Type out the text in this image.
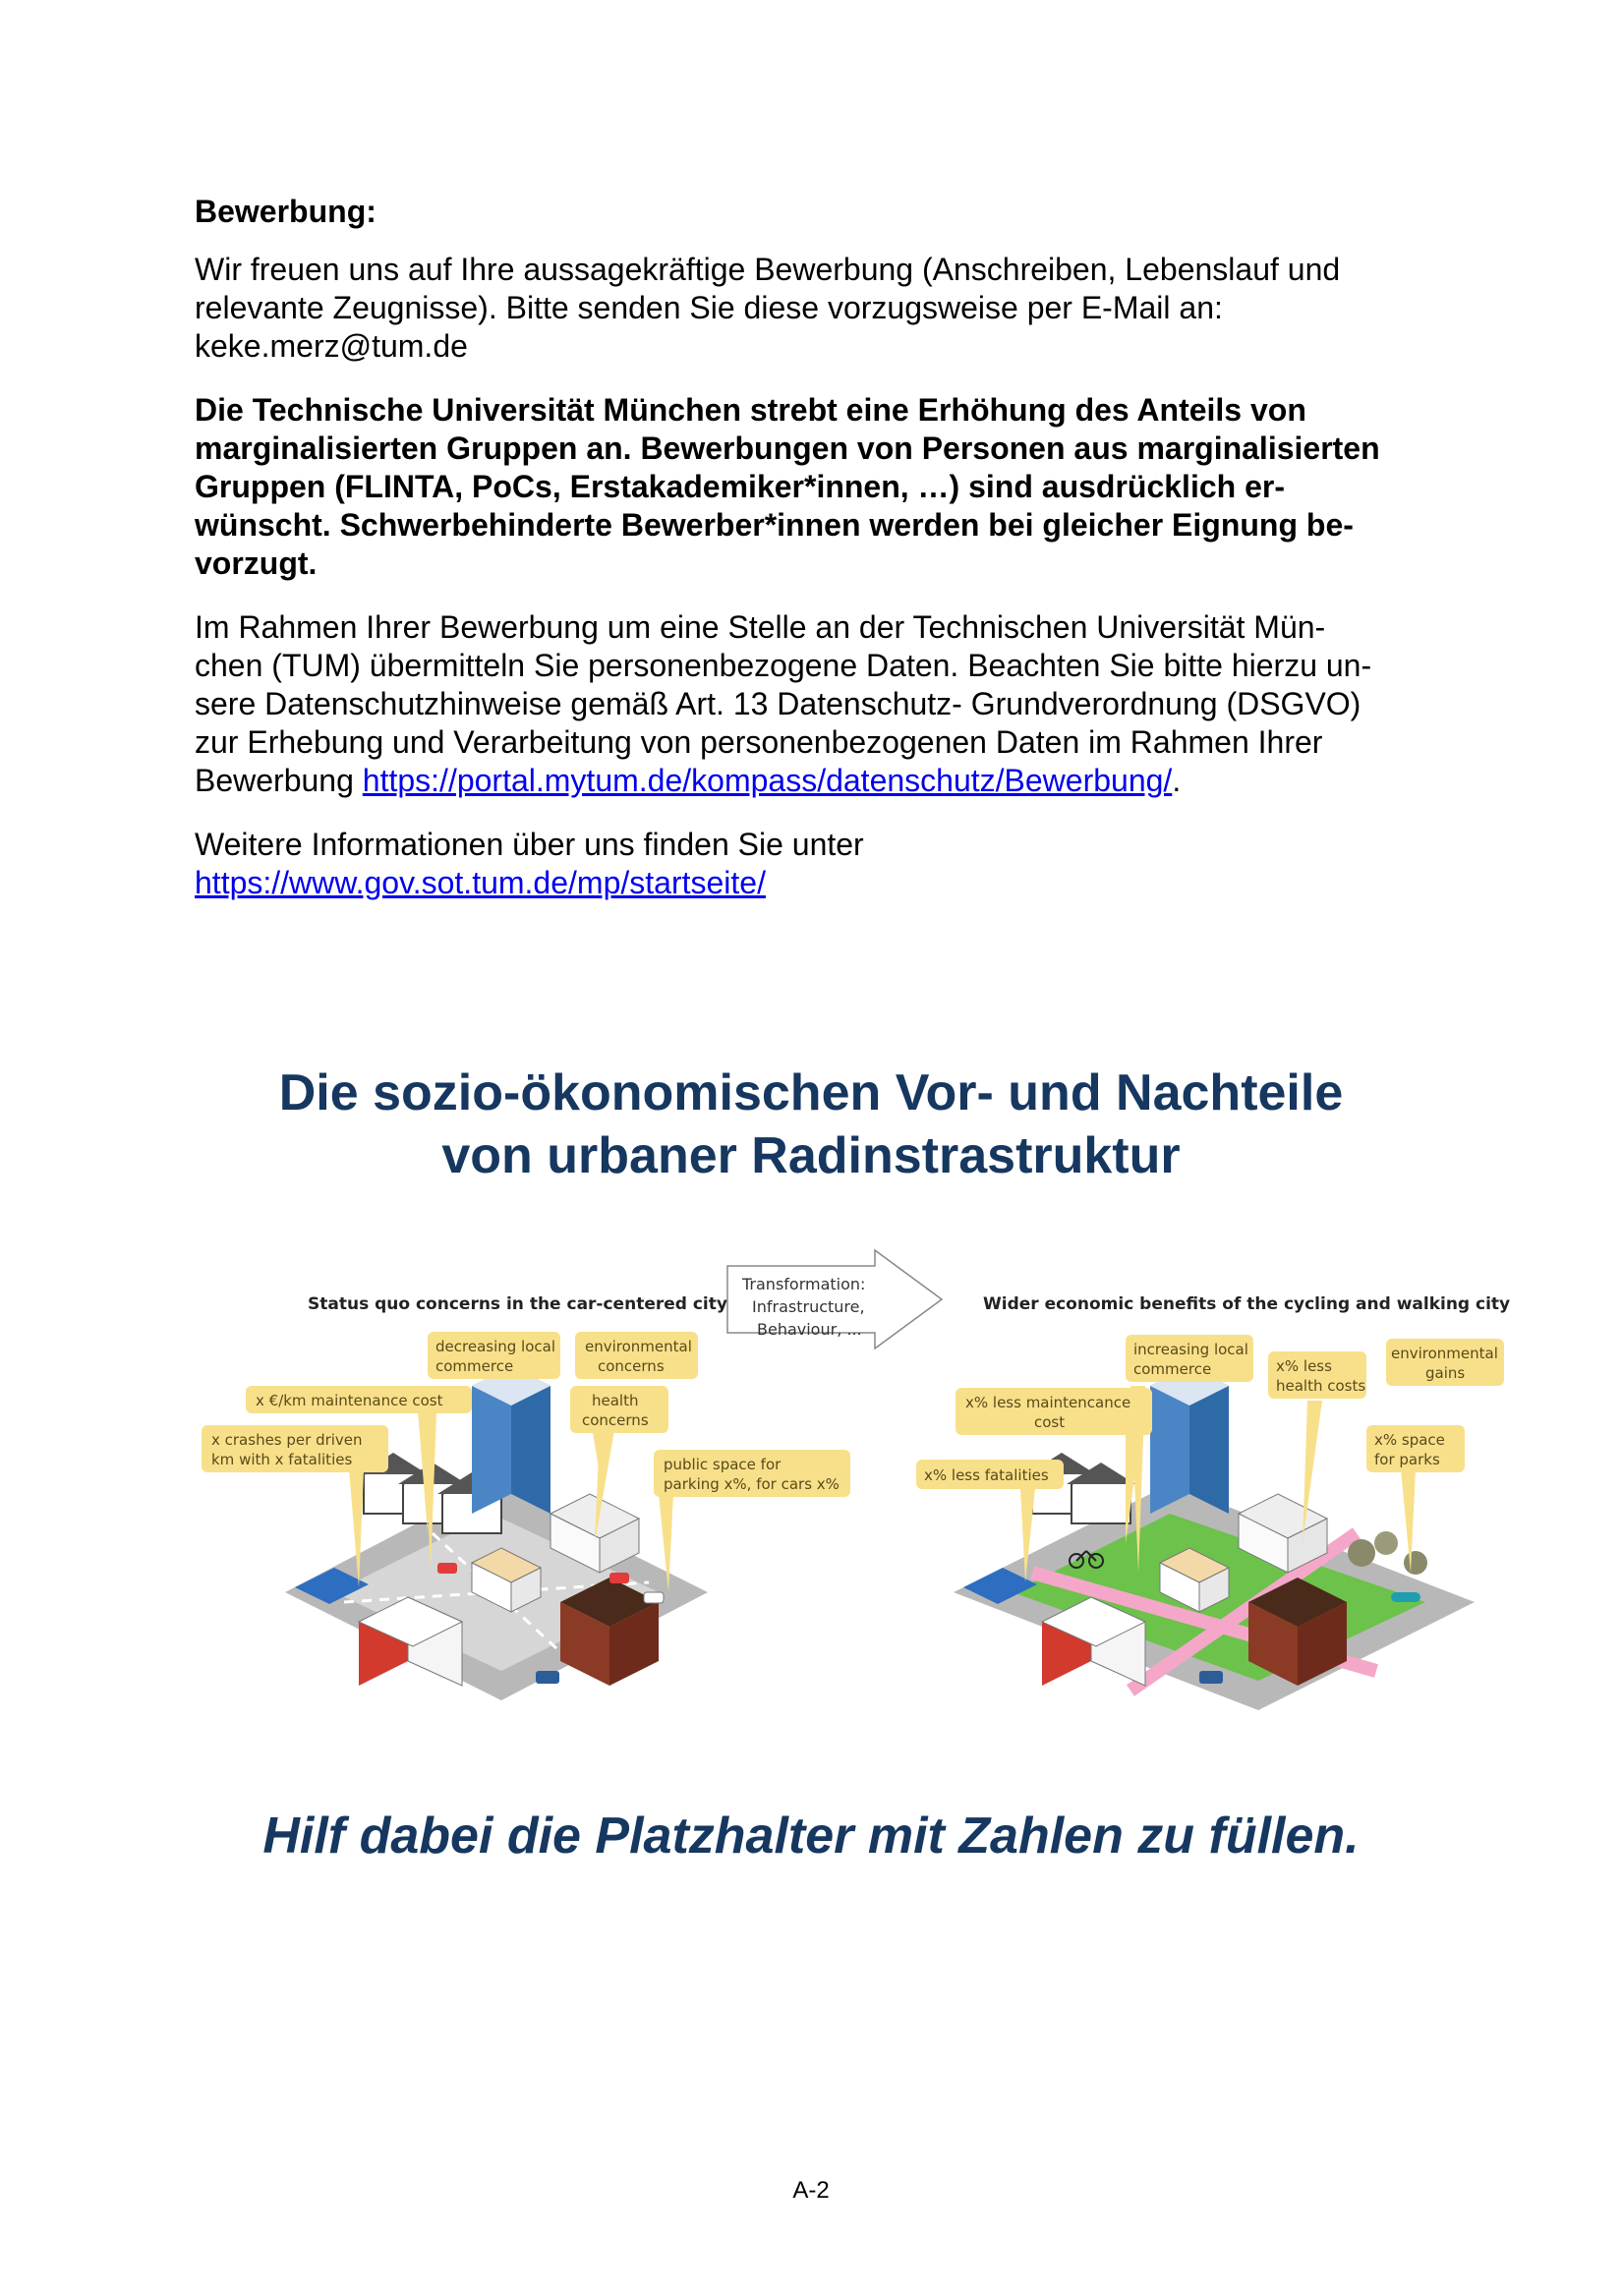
Bewerbung:

Wir freuen uns auf Ihre aussagekräftige Bewerbung (Anschreiben, Lebenslauf und
relevante Zeugnisse). Bitte senden Sie diese vorzugsweise per E-Mail an:
keke.merz@tum.de

Die Technische Universität München strebt eine Erhöhung des Anteils von
marginalisierten Gruppen an. Bewerbungen von Personen aus marginalisierten
Gruppen (FLINTA, PoCs, Erstakademiker*innen, …) sind ausdrücklich er-
wünscht. Schwerbehinderte Bewerber*innen werden bei gleicher Eignung be-
vorzugt.

Im Rahmen Ihrer Bewerbung um eine Stelle an der Technischen Universität Mün-
chen (TUM) übermitteln Sie personenbezogene Daten. Beachten Sie bitte hierzu un-
sere Datenschutzhinweise gemäß Art. 13 Datenschutz- Grundverordnung (DSGVO)
zur Erhebung und Verarbeitung von personenbezogenen Daten im Rahmen Ihrer
Bewerbung https://portal.mytum.de/kompass/datenschutz/Bewerbung/.

Weitere Informationen über uns finden Sie unter
https://www.gov.sot.tum.de/mp/startseite/

Die sozio-ökonomischen Vor- und Nachteile
von urbaner Radinstrastruktur
Status quo concerns in the car-centered city	Wider economic benefits of the cycling and walking city
Transformation:
Infrastructure,
Behaviour, ...
decreasing local
commerce
environmental
concerns
x €/km maintenance cost	health
concerns
x crashes per driven
km with x fatalities	public space for
parking x%, for cars x%
increasing local
commerce	x% less
health costs
environmental
gains
x% less maintencance
cost
x% space
for parks
x% less fatalities
Hilf dabei die Platzhalter mit Zahlen zu füllen.
A-2
